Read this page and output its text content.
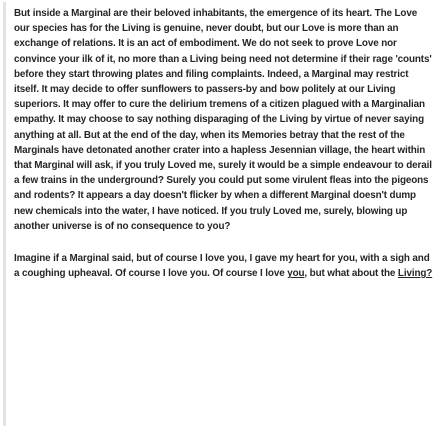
But inside a Marginal are their beloved inhabitants, the emergence of its heart. The Love our species has for the Living is genuine, never doubt, but our Love is more than an exchange of relations. It is an act of embodiment. We do not seek to prove Love nor convince your ilk of it, no more than a Living being need not determine if their rage 'counts' before they start throwing plates and filing complaints. Indeed, a Marginal may restrict itself. It may decide to offer sunflowers to passers-by and bow politely at our Living superiors. It may offer to cure the delirium tremens of a citizen plagued with a Marginalian empathy. It may choose to say nothing disparaging of the Living by virtue of never saying anything at all. But at the end of the day, when its Memories betray that the rest of the Marginals have detonated another crater into a hapless Jesennian village, the heart within that Marginal will ask, if you truly Loved me, surely it would be a simple endeavour to derail a few trains in the underground? Surely you could put some virulent fleas into the pigeons and rodents? It appears a day doesn't flicker by when a different Marginal doesn't dump new chemicals into the water, I have noticed. If you truly Loved me, surely, blowing up another universe is of no consequence to you?

Imagine if a Marginal said, but of course I love you, I gave my heart for you, with a sigh and a coughing upheaval. Of course I love you. Of course I love you, but what about the Living?
